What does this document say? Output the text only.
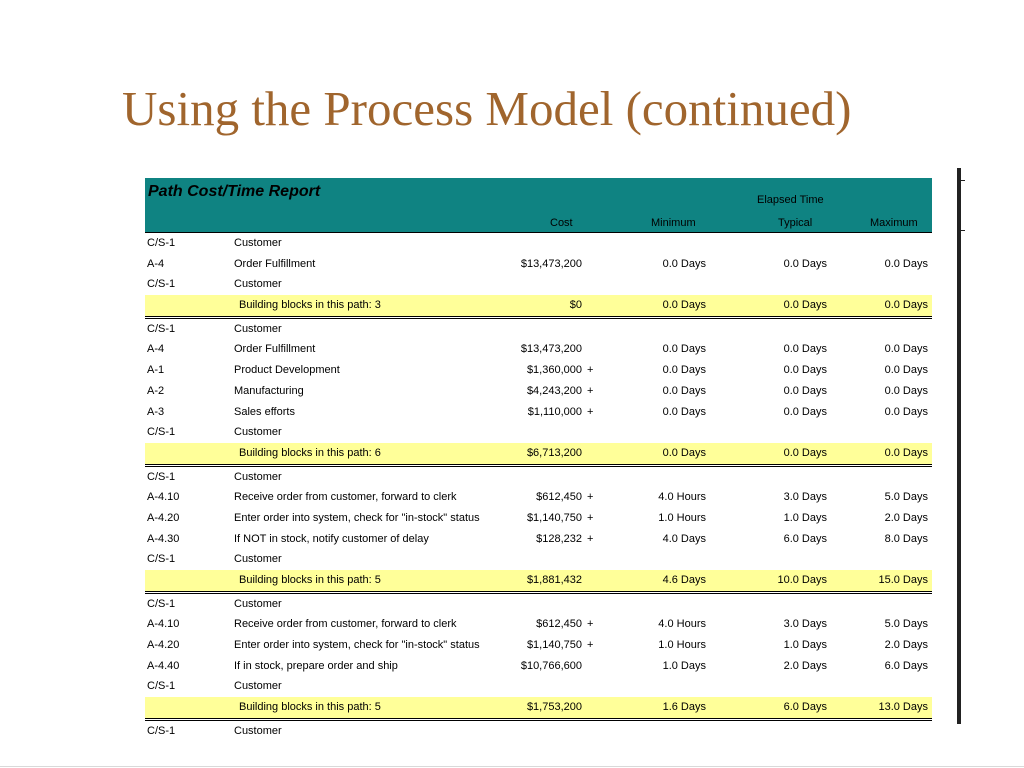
Using the Process Model (continued)
Path Cost/Time Report	Elapsed Time
Cost	Minimum	Typical	Maximum
C/S-1	Customer
A-4	Order Fulfillment	$13,473,200	0.0 Days	0.0 Days	0.0 Days
C/S-1	Customer
Building blocks in this path: 3	$0	0.0 Days	0.0 Days	0.0 Days
C/S-1	Customer
A-4	Order Fulfillment	$13,473,200	0.0 Days	0.0 Days	0.0 Days
A-1	Product Development	$1,360,000 +	0.0 Days	0.0 Days	0.0 Days
A-2	Manufacturing	$4,243,200 +	0.0 Days	0.0 Days	0.0 Days
A-3	Sales efforts	$1,110,000 +	0.0 Days	0.0 Days	0.0 Days
C/S-1	Customer
Building blocks in this path: 6	$6,713,200	0.0 Days	0.0 Days	0.0 Days
C/S-1	Customer
A-4.10	Receive order from customer, forward to clerk	$612,450 +	4.0 Hours	3.0 Days	5.0 Days
A-4.20	Enter order into system, check for "in-stock" status	$1,140,750 +	1.0 Hours	1.0 Days	2.0 Days
A-4.30	If NOT in stock, notify customer of delay	$128,232 +	4.0 Days	6.0 Days	8.0 Days
C/S-1	Customer
Building blocks in this path: 5	$1,881,432	4.6 Days	10.0 Days	15.0 Days
C/S-1	Customer
A-4.10	Receive order from customer, forward to clerk	$612,450 +	4.0 Hours	3.0 Days	5.0 Days
A-4.20	Enter order into system, check for "in-stock" status	$1,140,750 +	1.0 Hours	1.0 Days	2.0 Days
A-4.40	If in stock, prepare order and ship	$10,766,600	1.0 Days	2.0 Days	6.0 Days
C/S-1	Customer
Building blocks in this path: 5	$1,753,200	1.6 Days	6.0 Days	13.0 Days
C/S-1	Customer
